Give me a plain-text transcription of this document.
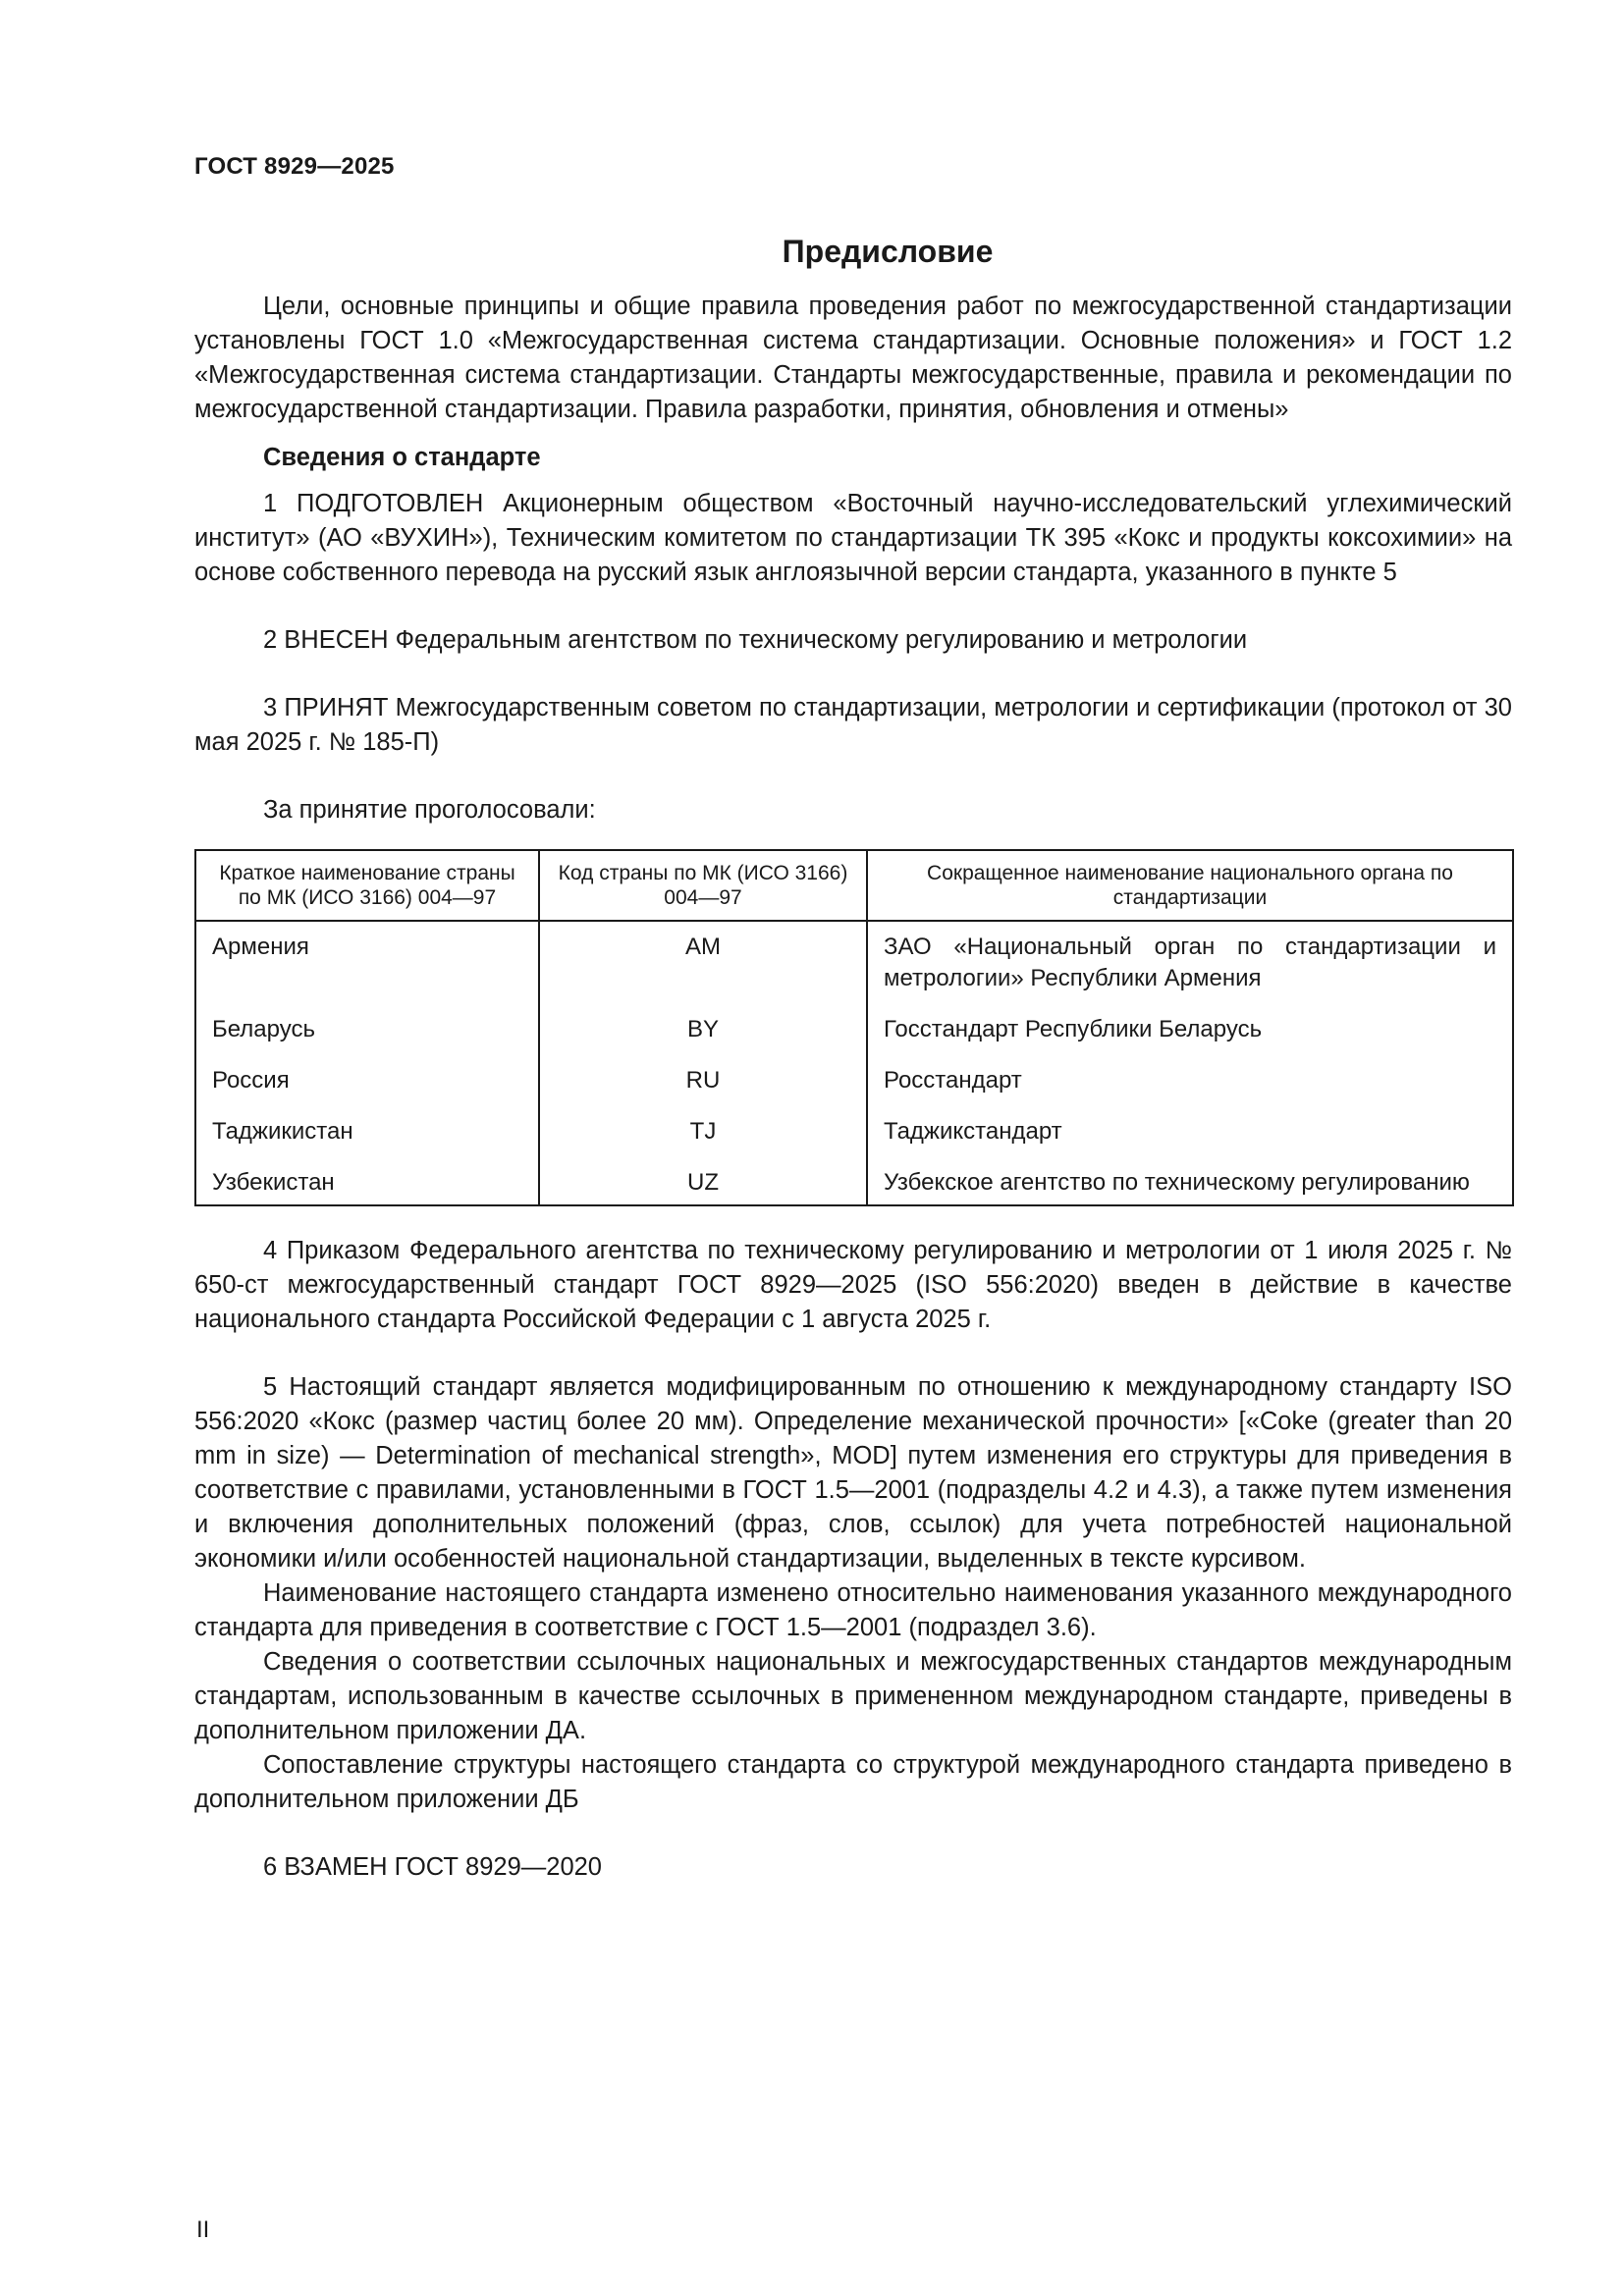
ГОСТ 8929—2025
Предисловие

Цели, основные принципы и общие правила проведения работ по межгосударственной стандартизации установлены ГОСТ 1.0 «Межгосударственная система стандартизации. Основные положения» и ГОСТ 1.2 «Межгосударственная система стандартизации. Стандарты межгосударственные, правила и рекомендации по межгосударственной стандартизации. Правила разработки, принятия, обновления и отмены»

Сведения о стандарте

1 ПОДГОТОВЛЕН Акционерным обществом «Восточный научно-исследовательский углехимический институт» (АО «ВУХИН»), Техническим комитетом по стандартизации ТК 395 «Кокс и продукты коксохимии» на основе собственного перевода на русский язык англоязычной версии стандарта, указанного в пункте 5

2 ВНЕСЕН Федеральным агентством по техническому регулированию и метрологии

3 ПРИНЯТ Межгосударственным советом по стандартизации, метрологии и сертификации (протокол от 30 мая 2025 г. № 185-П)

За принятие проголосовали:
Краткое наименование страны по МК (ИСО 3166) 004—97	Код страны по МК (ИСО 3166) 004—97	Сокращенное наименование национального органа по стандартизации
Армения	AM	ЗАО «Национальный орган по стандартизации и метрологии» Республики Армения
Беларусь	BY	Госстандарт Республики Беларусь
Россия	RU	Росстандарт
Таджикистан	TJ	Таджикстандарт
Узбекистан	UZ	Узбекское агентство по техническому регулированию

4 Приказом Федерального агентства по техническому регулированию и метрологии от 1 июля 2025 г. № 650-ст межгосударственный стандарт ГОСТ 8929—2025 (ISO 556:2020) введен в действие в качестве национального стандарта Российской Федерации с 1 августа 2025 г.

5 Настоящий стандарт является модифицированным по отношению к международному стандарту ISO 556:2020 «Кокс (размер частиц более 20 мм). Определение механической прочности» [«Coke (greater than 20 mm in size) — Determination of mechanical strength», MOD] путем изменения его структуры для приведения в соответствие с правилами, установленными в ГОСТ 1.5—2001 (подразделы 4.2 и 4.3), а также путем изменения и включения дополнительных положений (фраз, слов, ссылок) для учета потребностей национальной экономики и/или особенностей национальной стандартизации, выделенных в тексте курсивом.

Наименование настоящего стандарта изменено относительно наименования указанного международного стандарта для приведения в соответствие с ГОСТ 1.5—2001 (подраздел 3.6).

Сведения о соответствии ссылочных национальных и межгосударственных стандартов международным стандартам, использованным в качестве ссылочных в примененном международном стандарте, приведены в дополнительном приложении ДА.

Сопоставление структуры настоящего стандарта со структурой международного стандарта приведено в дополнительном приложении ДБ

6 ВЗАМЕН ГОСТ 8929—2020

II
